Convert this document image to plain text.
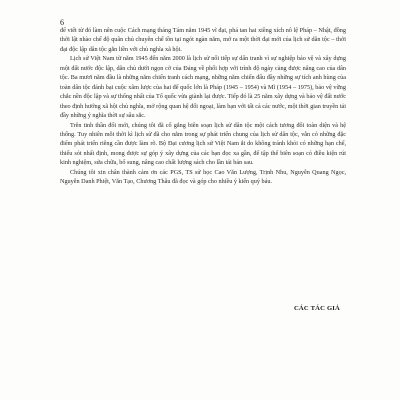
6

để viết từ đó làm nên cuộc Cách mạng tháng Tám năm 1945 vĩ đại, phá tan hai xiềng xích nô lệ Pháp – Nhật, đồng thời lật nhào chế độ quân chủ chuyên chế tồn tại ngót ngàn năm, mở ra một thời đại mới của lịch sử dân tộc – thời đại độc lập dân tộc gắn liền với chủ nghĩa xã hội.

Lịch sử Việt Nam từ năm 1945 đến năm 2000 là lịch sử nối tiếp sự dấn tranh vì sự nghiệp bảo vệ và xây dựng một đất nước độc lập, dân chủ dưới ngọn cờ của Đảng về phối hợp với trình độ ngày càng được nâng cao của dân tộc. Ba mươi năm đầu là những năm chiến tranh cách mạng, những năm chiến đấu đầy những sự tích anh hùng của toàn dân tộc đánh bại cuộc xâm lược của hai đế quốc lớn là Pháp (1945 – 1954) và Mĩ (1954 – 1975), bảo vệ vững chắc nền độc lập và sự thống nhất của Tổ quốc vừa giành lại được. Tiếp đó là 25 năm xây dựng và bảo vệ đất nước theo định hướng xã hội chủ nghĩa, mở rộng quan hệ đối ngoại, làm bạn với tất cả các nước, một thời gian truyền tải đầy những ý nghĩa thời sự sâu sắc.

Trên tinh thần đổi mới, chúng tôi đã cố gắng biên soạn lịch sử dân tộc một cách tương đối toàn diện và hệ thống. Tuy nhiên mỗi thời kì lịch sử đã cho nằm trong sự phát triển chung của lịch sử dân tộc, vẫn có những đặc điểm phát triển riêng cần được làm rõ. Bộ Đại cương lịch sử Việt Nam ắt do không tránh khỏi có những hạn chế, thiếu sót nhất định, mong được sự góp ý xây dựng của các bạn đọc xa gần, để tập thể biên soạn có điều kiện rút kinh nghiệm, sửa chữa, bổ sung, nâng cao chất lượng sách cho lần tái bản sau.

Chúng tôi xin chân thành cảm ơn các PGS, TS sử học Cao Văn Lượng, Trịnh Nhu, Nguyễn Quang Ngọc, Nguyễn Danh Phiệt, Văn Tạo, Chương Thâu đã đọc và góp cho nhiều ý kiến quý báu.

CÁC TÁC GIẢ
